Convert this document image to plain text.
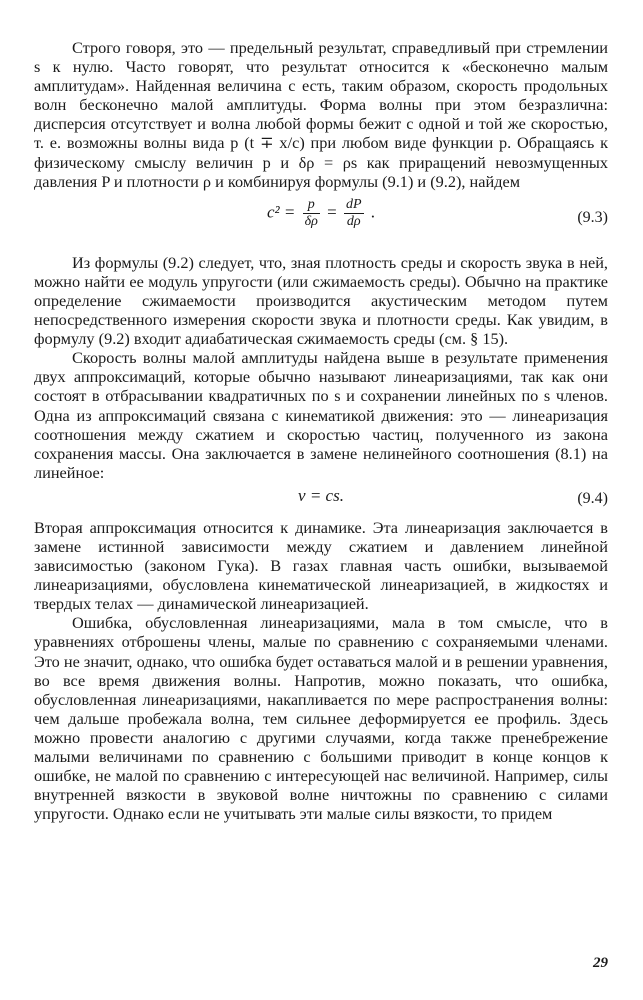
Строго говоря, это — предельный результат, справедливый при стремлении s к нулю. Часто говорят, что результат относится к «бесконечно малым амплитудам». Найденная величина c есть, таким образом, скорость продольных волн бесконечно малой амплитуды. Форма волны при этом безразлична: дисперсия отсутствует и волна любой формы бежит с одной и той же скоростью, т. е. возможны волны вида p (t ∓ x/c) при любом виде функции p. Обращаясь к физическому смыслу величин p и δρ = ρs как приращений невозмущенных давления P и плотности ρ и комбинируя формулы (9.1) и (9.2), найдем

$c^2 = \frac{p}{\delta\rho} = \frac{dP}{d\rho}$ .	(9.3)

Из формулы (9.2) следует, что, зная плотность среды и скорость звука в ней, можно найти ее модуль упругости (или сжимаемость среды). Обычно на практике определение сжимаемости производится акустическим методом путем непосредственного измерения скорости звука и плотности среды. Как увидим, в формулу (9.2) входит адиабатическая сжимаемость среды (см. § 15).

Скорость волны малой амплитуды найдена выше в результате применения двух аппроксимаций, которые обычно называют линеаризациями, так как они состоят в отбрасывании квадратичных по s и сохранении линейных по s членов. Одна из аппроксимаций связана с кинематикой движения: это — линеаризация соотношения между сжатием и скоростью частиц, полученного из закона сохранения массы. Она заключается в замене нелинейного соотношения (8.1) на линейное:

v = cs.	(9.4)

Вторая аппроксимация относится к динамике. Эта линеаризация заключается в замене истинной зависимости между сжатием и давлением линейной зависимостью (законом Гука). В газах главная часть ошибки, вызываемой линеаризациями, обусловлена кинематической линеаризацией, в жидкостях и твердых телах — динамической линеаризацией.

Ошибка, обусловленная линеаризациями, мала в том смысле, что в уравнениях отброшены члены, малые по сравнению с сохраняемыми членами. Это не значит, однако, что ошибка будет оставаться малой и в решении уравнения, во все время движения волны. Напротив, можно показать, что ошибка, обусловленная линеаризациями, накапливается по мере распространения волны: чем дальше пробежала волна, тем сильнее деформируется ее профиль. Здесь можно провести аналогию с другими случаями, когда также пренебрежение малыми величинами по сравнению с большими приводит в конце концов к ошибке, не малой по сравнению с интересующей нас величиной. Например, силы внутренней вязкости в звуковой волне ничтожны по сравнению с силами упругости. Однако если не учитывать эти малые силы вязкости, то придем

29
